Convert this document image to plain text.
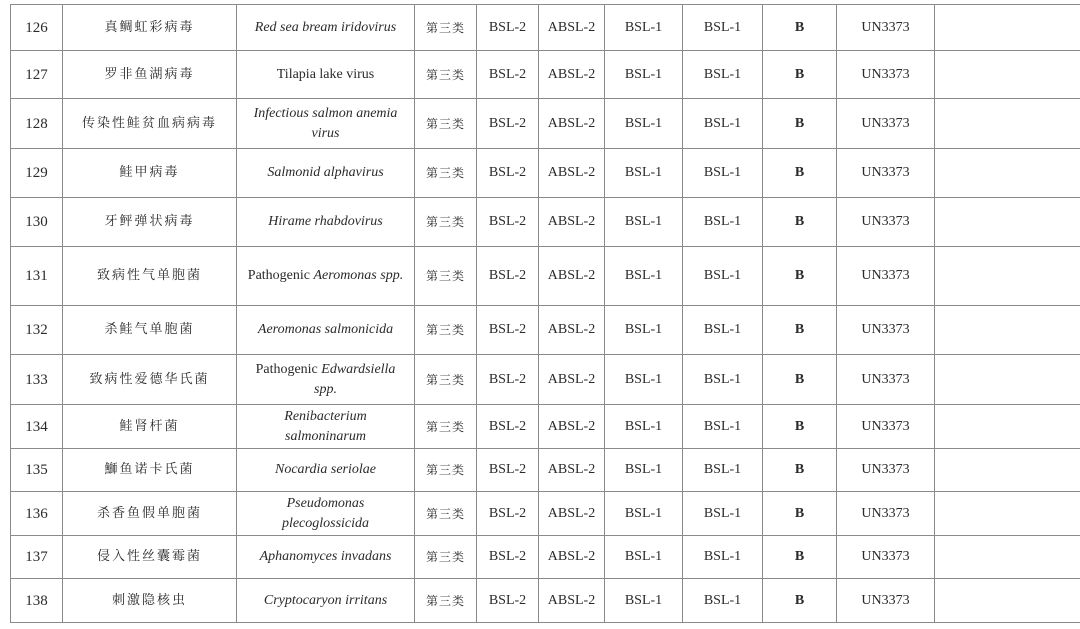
126	真鲷虹彩病毒	Red sea bream iridovirus	第三类	BSL-2	ABSL-2	BSL-1	BSL-1	B	UN3373	
127	罗非鱼湖病毒	Tilapia lake virus	第三类	BSL-2	ABSL-2	BSL-1	BSL-1	B	UN3373	
128	传染性鲑贫血病病毒	Infectious salmon anemia virus	第三类	BSL-2	ABSL-2	BSL-1	BSL-1	B	UN3373	
129	鲑甲病毒	Salmonid alphavirus	第三类	BSL-2	ABSL-2	BSL-1	BSL-1	B	UN3373	
130	牙鲆弹状病毒	Hirame rhabdovirus	第三类	BSL-2	ABSL-2	BSL-1	BSL-1	B	UN3373	
131	致病性气单胞菌	Pathogenic Aeromonas spp.	第三类	BSL-2	ABSL-2	BSL-1	BSL-1	B	UN3373	
132	杀鲑气单胞菌	Aeromonas salmonicida	第三类	BSL-2	ABSL-2	BSL-1	BSL-1	B	UN3373	
133	致病性爱德华氏菌	Pathogenic Edwardsiella spp.	第三类	BSL-2	ABSL-2	BSL-1	BSL-1	B	UN3373	
134	鲑肾杆菌	Renibacterium salmoninarum	第三类	BSL-2	ABSL-2	BSL-1	BSL-1	B	UN3373	
135	鰤鱼诺卡氏菌	Nocardia seriolae	第三类	BSL-2	ABSL-2	BSL-1	BSL-1	B	UN3373	
136	杀香鱼假单胞菌	Pseudomonas plecoglossicida	第三类	BSL-2	ABSL-2	BSL-1	BSL-1	B	UN3373	
137	侵入性丝囊霉菌	Aphanomyces invadans	第三类	BSL-2	ABSL-2	BSL-1	BSL-1	B	UN3373	
138	刺激隐核虫	Cryptocaryon irritans	第三类	BSL-2	ABSL-2	BSL-1	BSL-1	B	UN3373	
